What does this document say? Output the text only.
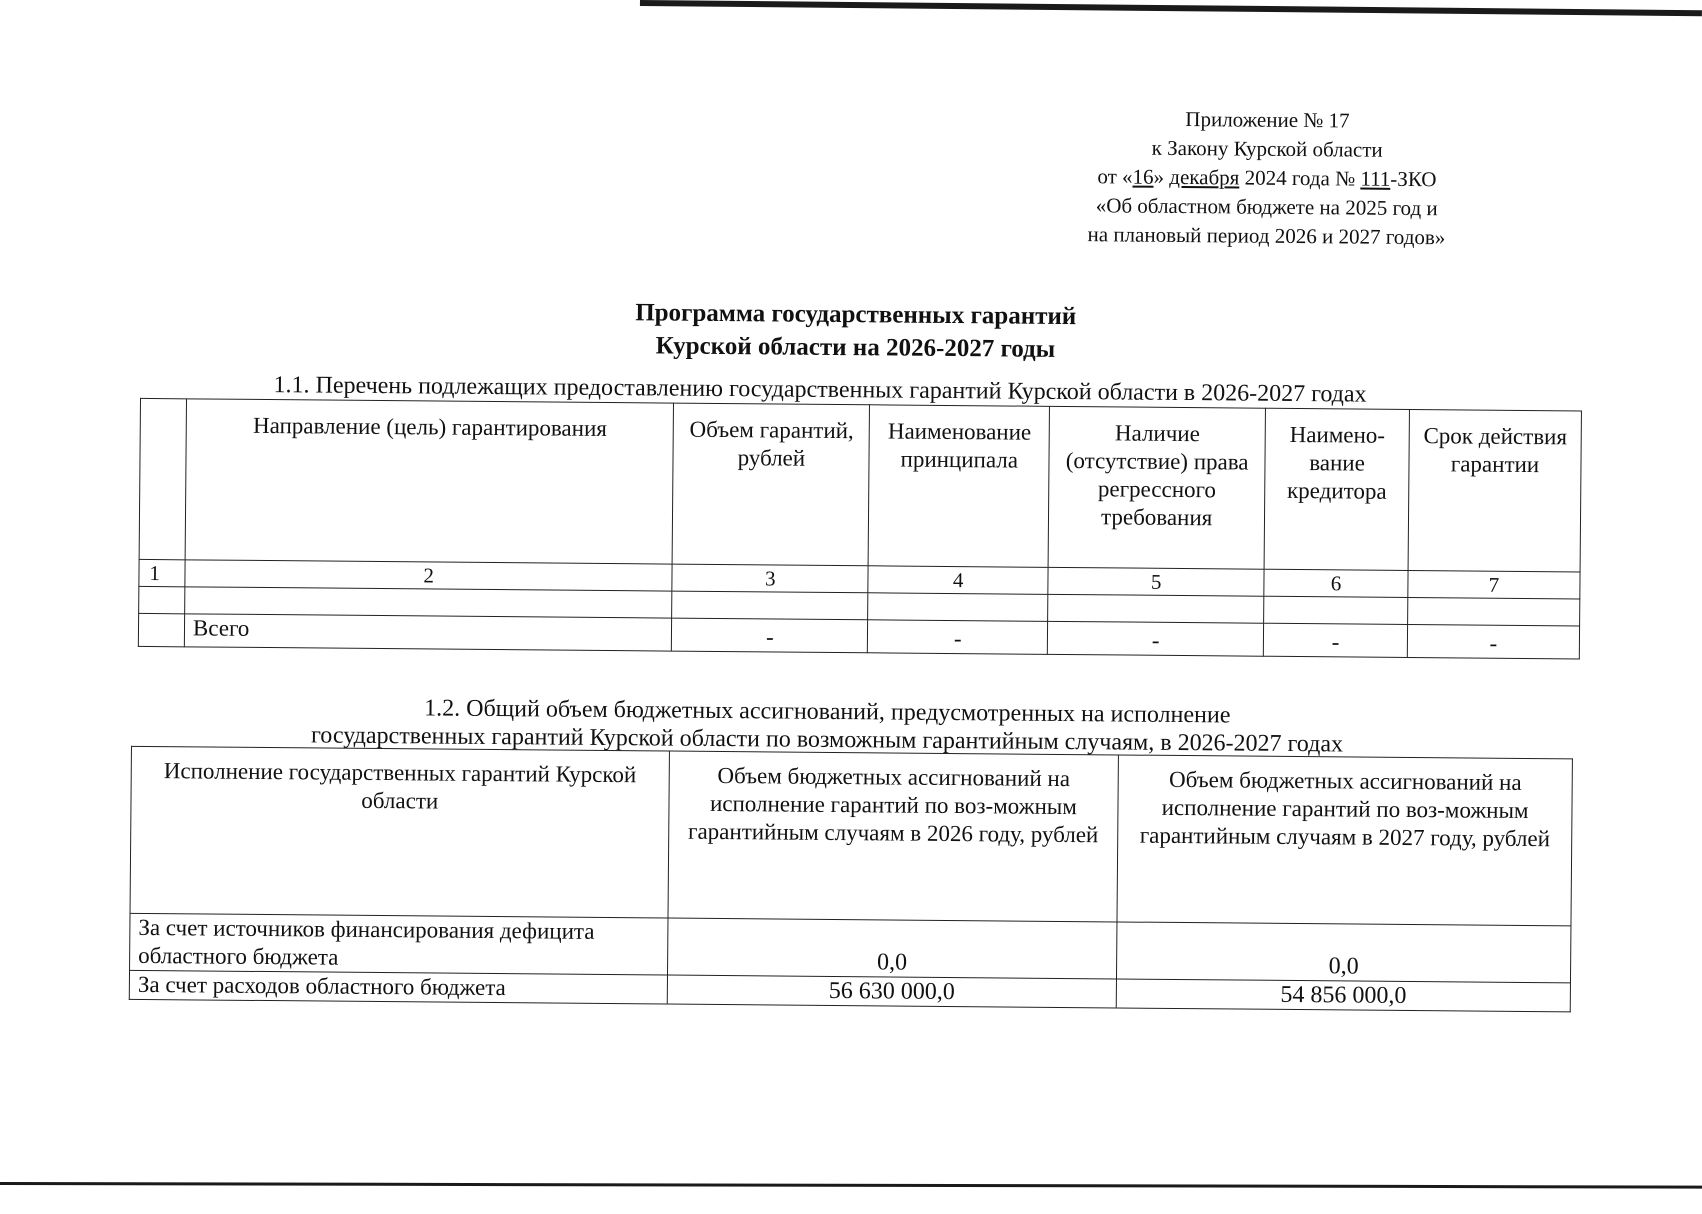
Приложение № 17
к Закону Курской области
от «16» декабря 2024 года № 111-ЗКО
«Об областном бюджете на 2025 год и
на плановый период 2026 и 2027 годов»
Программа государственных гарантий
Курской области на 2026-2027 годы
1.1. Перечень подлежащих предоставлению государственных гарантий Курской области в 2026-2027 годах
	Направление (цель) гарантирования	Объем гарантий, рублей	Наименование принципала	Наличие (отсутствие) права регрессного требования	Наимено-вание кредитора	Срок действия гарантии
1	2	3	4	5	6	7

	Всего	-	-	-	-	-
1.2. Общий объем бюджетных ассигнований, предусмотренных на исполнение
государственных гарантий Курской области по возможным гарантийным случаям, в 2026-2027 годах
Исполнение государственных гарантий Курской области	Объем бюджетных ассигнований на исполнение гарантий по воз-можным гарантийным случаям в 2026 году, рублей	Объем бюджетных ассигнований на исполнение гарантий по воз-можным гарантийным случаям в 2027 году, рублей
За счет источников финансирования дефицита областного бюджета	0,0	0,0
За счет расходов областного бюджета	56 630 000,0	54 856 000,0
